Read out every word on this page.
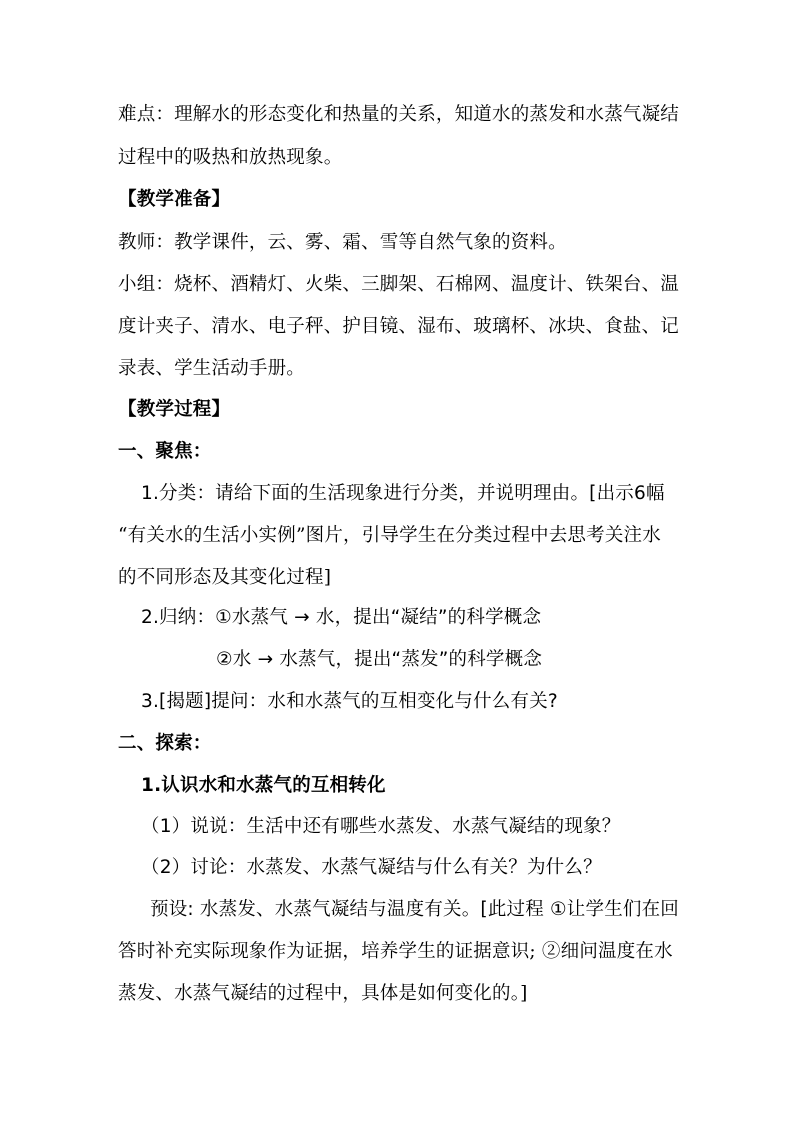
难点：理解水的形态变化和热量的关系，知道水的蒸发和水蒸气凝结
过程中的吸热和放热现象。
【教学准备】
教师：教学课件，云、雾、霜、雪等自然气象的资料。
小组：烧杯、酒精灯、火柴、三脚架、石棉网、温度计、铁架台、温
度计夹子、清水、电子秤、护目镜、湿布、玻璃杯、冰块、食盐、记
录表、学生活动手册。
【教学过程】
一、聚焦：
1.分类：请给下面的生活现象进行分类，并说明理由。[出示6幅
“有关水的生活小实例”图片，引导学生在分类过程中去思考关注水
的不同形态及其变化过程]
2.归纳：①水蒸气 → 水，提出“凝结”的科学概念
②水 → 水蒸气，提出“蒸发”的科学概念
3.[揭题]提问：水和水蒸气的互相变化与什么有关?
二、探索：
1.认识水和水蒸气的互相转化
（1）说说：生活中还有哪些水蒸发、水蒸气凝结的现象？
（2）讨论：水蒸发、水蒸气凝结与什么有关？为什么？
预设: 水蒸发、水蒸气凝结与温度有关。[此过程 ①让学生们在回
答时补充实际现象作为证据，培养学生的证据意识; ②细问温度在水
蒸发、水蒸气凝结的过程中，具体是如何变化的。]
